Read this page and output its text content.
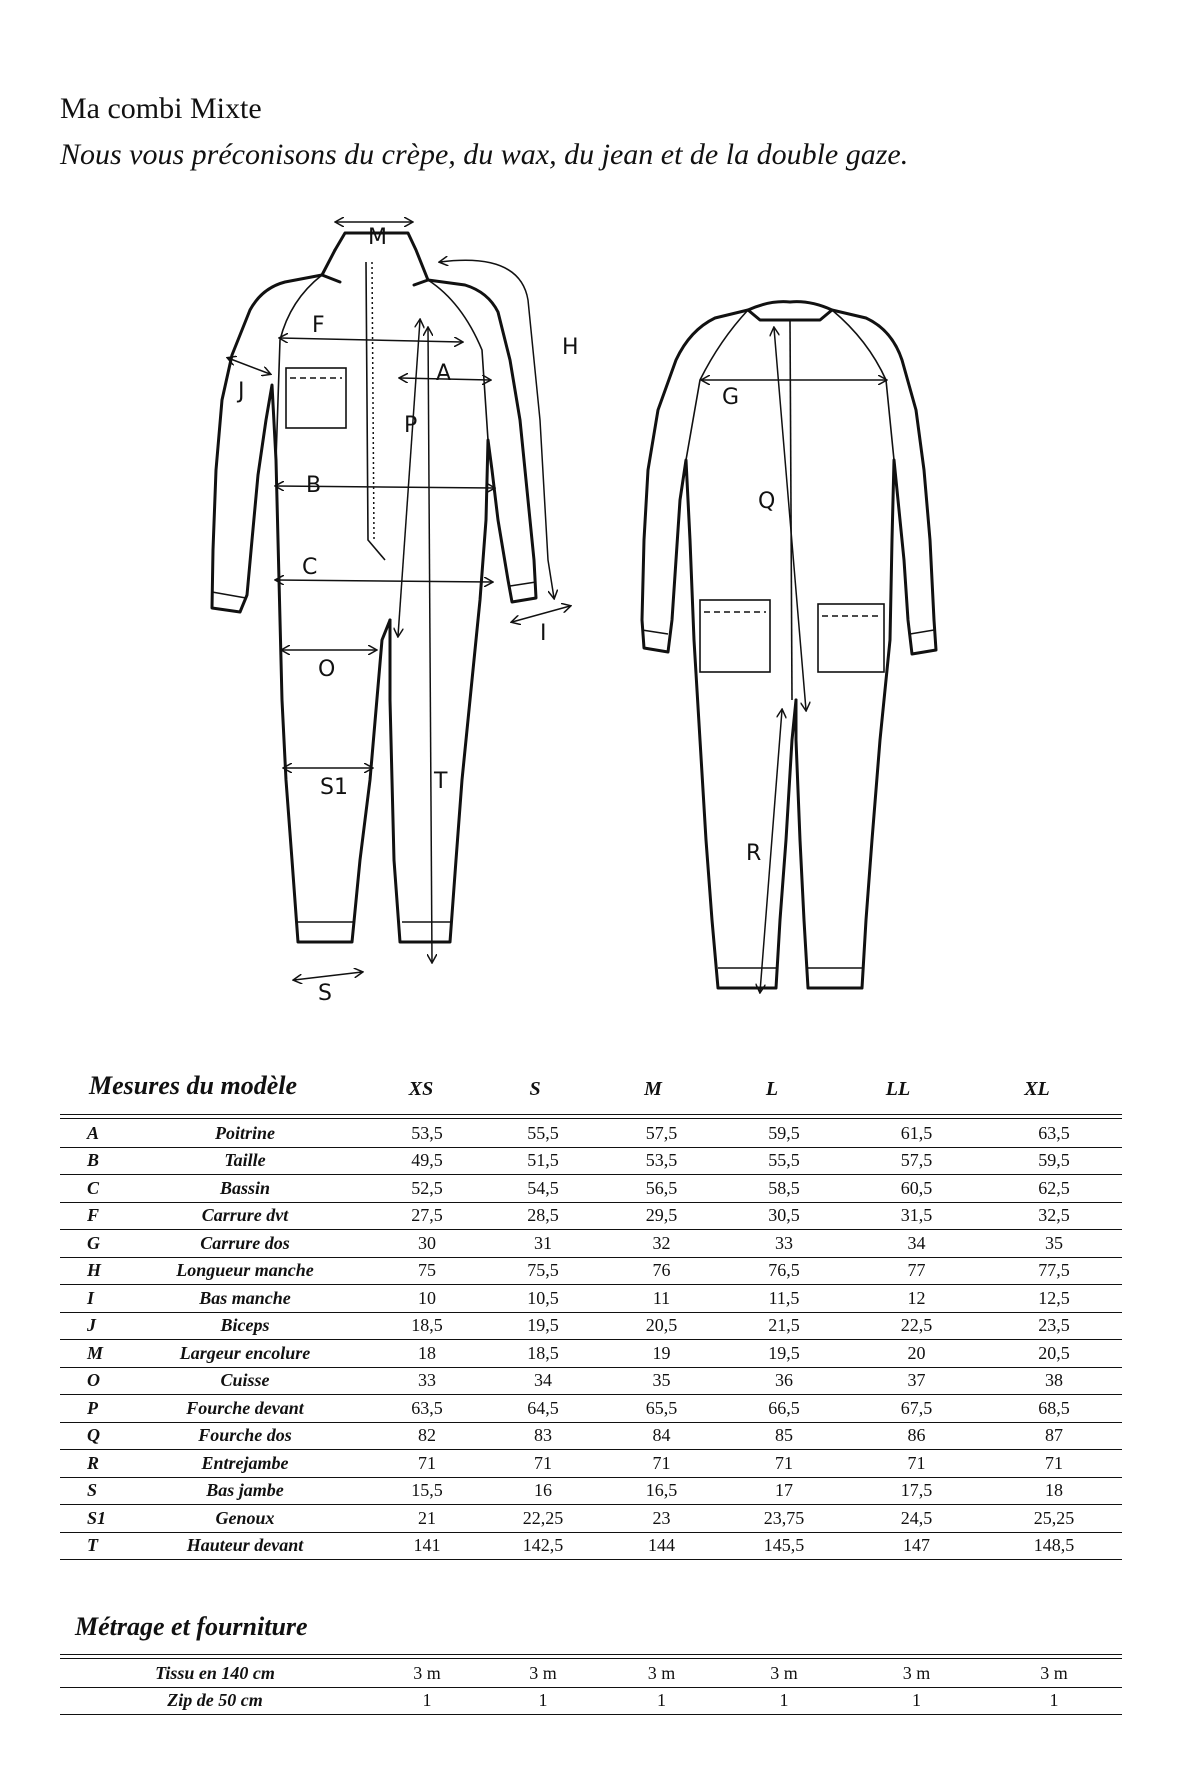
Ma combi Mixte
Nous vous préconisons du crèpe, du wax, du jean et de la double gaze.
M
F
H
J
A
P
B
C
I
O
S1	T
S
G
Q
R
Mesures du modèle	XS	S	M	L	LL	XL
A	Poitrine	53,5	55,5	57,5	59,5	61,5	63,5
B	Taille	49,5	51,5	53,5	55,5	57,5	59,5
C	Bassin	52,5	54,5	56,5	58,5	60,5	62,5
F	Carrure dvt	27,5	28,5	29,5	30,5	31,5	32,5
G	Carrure dos	30	31	32	33	34	35
H	Longueur manche	75	75,5	76	76,5	77	77,5
I	Bas manche	10	10,5	11	11,5	12	12,5
J	Biceps	18,5	19,5	20,5	21,5	22,5	23,5
M	Largeur encolure	18	18,5	19	19,5	20	20,5
O	Cuisse	33	34	35	36	37	38
P	Fourche devant	63,5	64,5	65,5	66,5	67,5	68,5
Q	Fourche dos	82	83	84	85	86	87
R	Entrejambe	71	71	71	71	71	71
S	Bas jambe	15,5	16	16,5	17	17,5	18
S1	Genoux	21	22,25	23	23,75	24,5	25,25
T	Hauteur devant	141	142,5	144	145,5	147	148,5
Métrage et fourniture
Tissu en 140 cm	3 m	3 m	3 m	3 m	3 m	3 m
Zip de 50 cm	1	1	1	1	1	1
